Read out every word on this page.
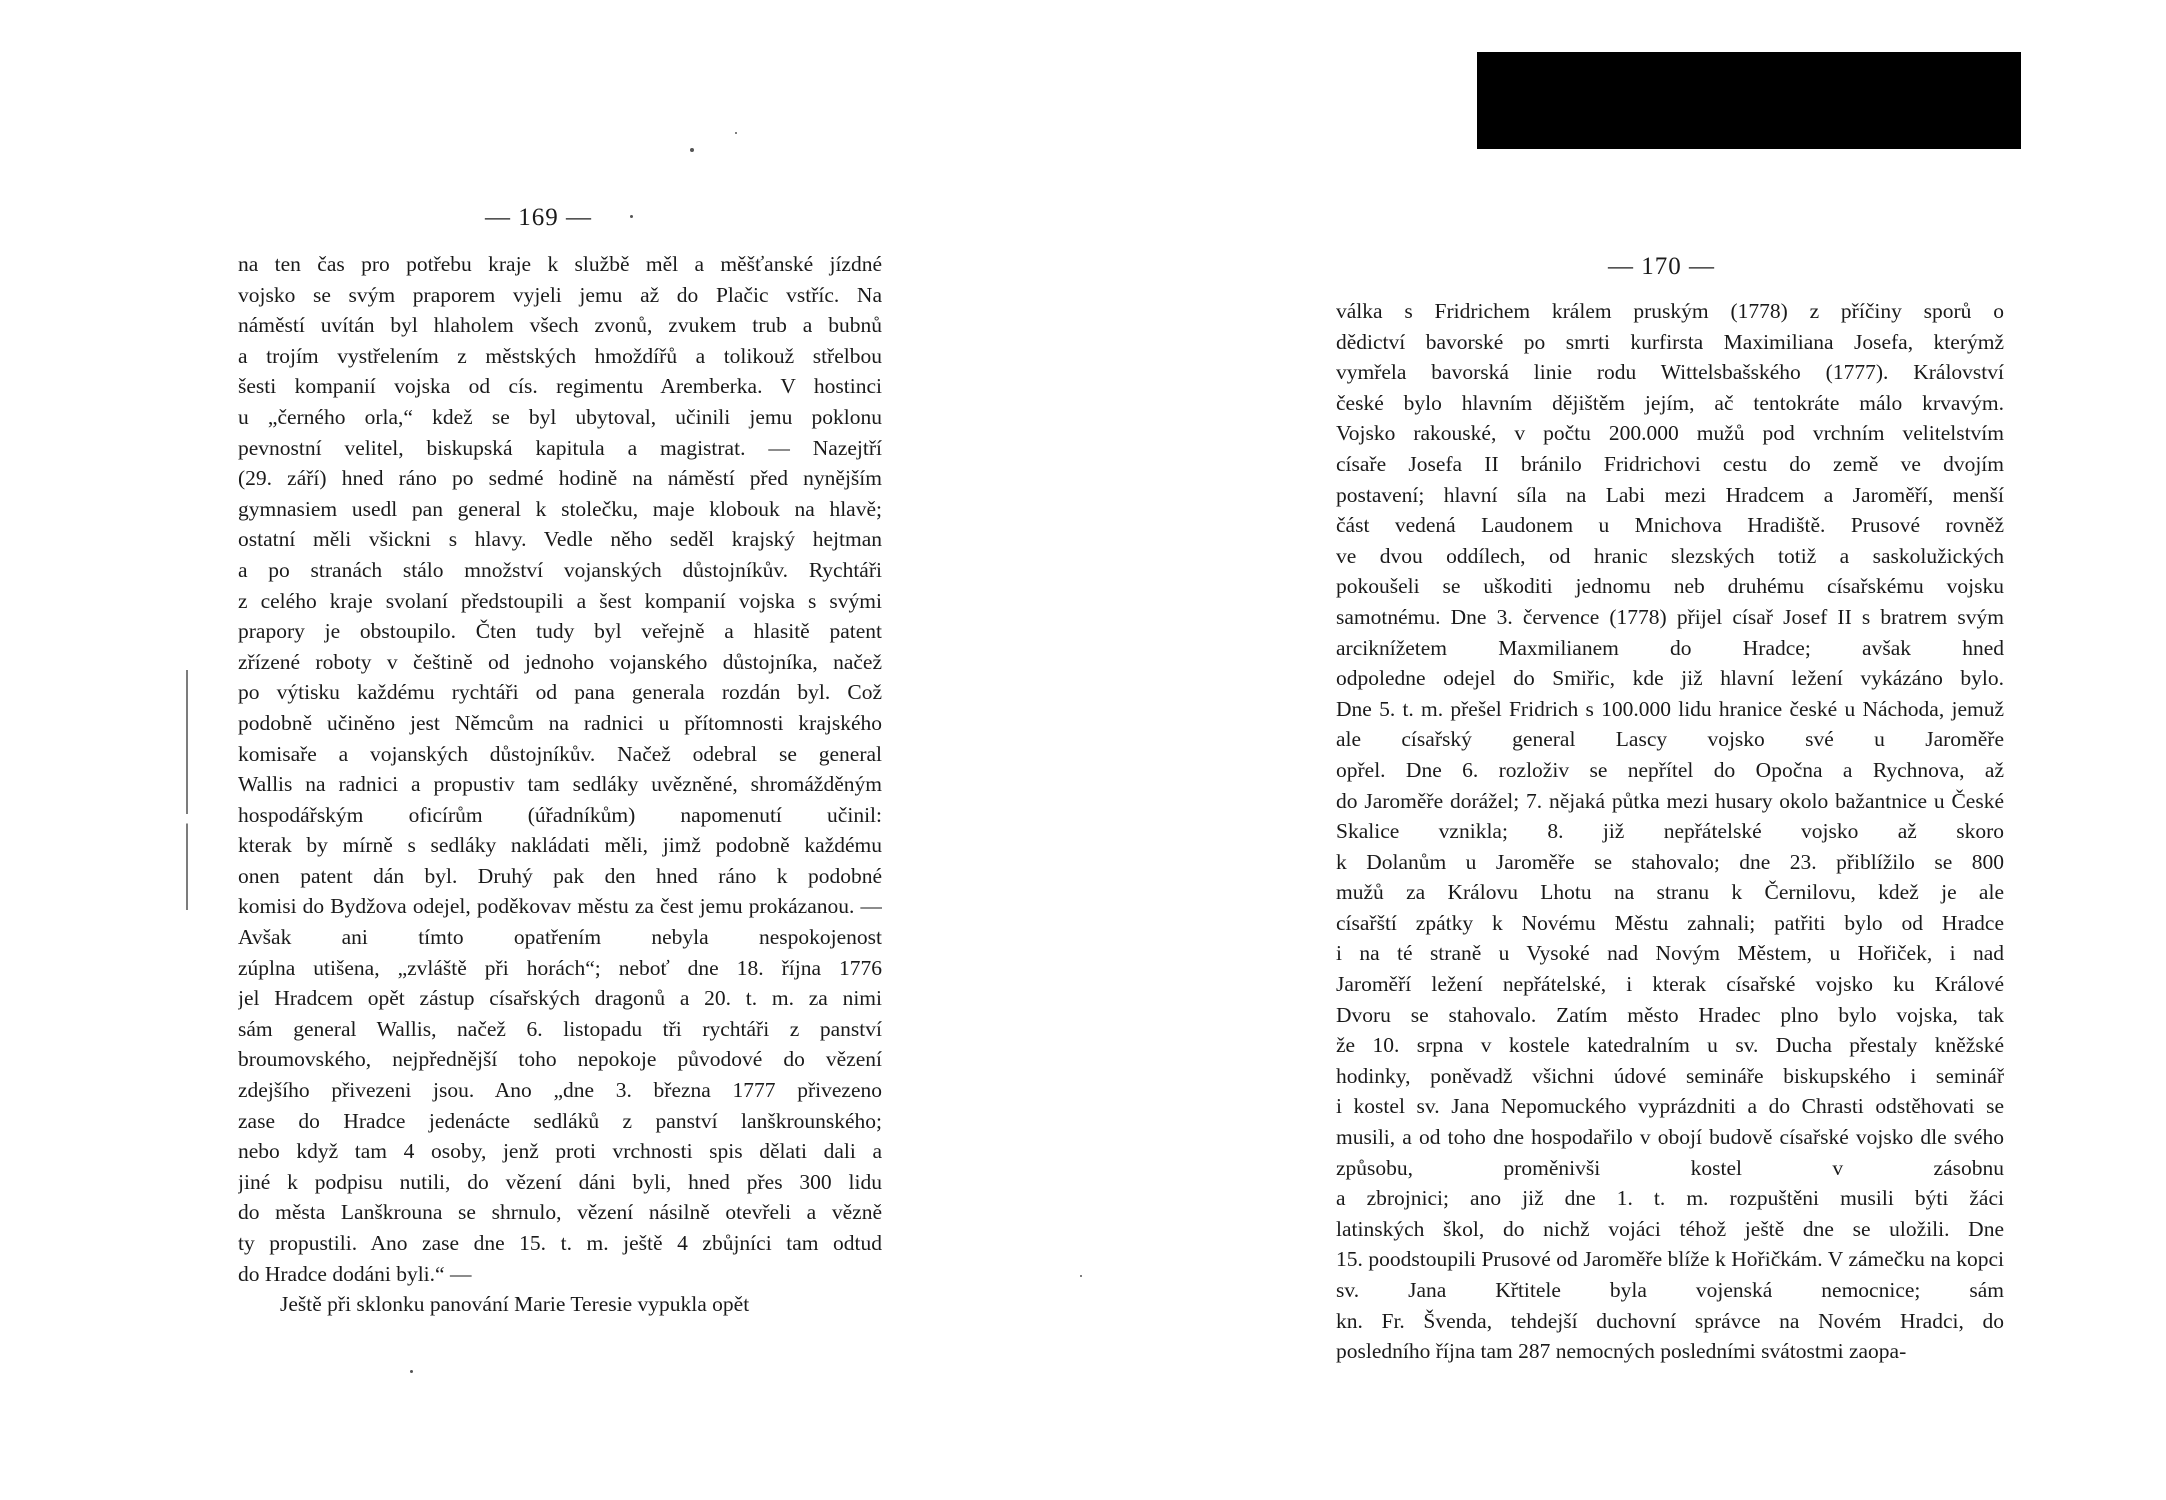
— 169 —
— 170 —
na ten čas pro potřebu kraje k službě měl a měšťanské jízdné
vojsko se svým praporem vyjeli jemu až do Plačic vstříc. Na
náměstí uvítán byl hlaholem všech zvonů, zvukem trub a bubnů
a trojím vystřelením z městských hmoždířů a tolikouž střelbou
šesti kompanií vojska od cís. regimentu Aremberka. V hostinci
u „černého orla,“ kdež se byl ubytoval, učinili jemu poklonu
pevnostní velitel, biskupská kapitula a magistrat. — Nazejtří
(29. září) hned ráno po sedmé hodině na náměstí před nynějším
gymnasiem usedl pan general k stolečku, maje klobouk na hlavě;
ostatní měli všickni s hlavy. Vedle něho seděl krajský hejtman
a po stranách stálo množství vojanských důstojníkův. Rychtáři
z celého kraje svolaní předstoupili a šest kompanií vojska s svými
prapory je obstoupilo. Čten tudy byl veřejně a hlasitě patent
zřízené roboty v češtině od jednoho vojanského důstojníka, načež
po výtisku každému rychtáři od pana generala rozdán byl. Což
podobně učiněno jest Němcům na radnici u přítomnosti krajského
komisaře a vojanských důstojníkův. Načež odebral se general
Wallis na radnici a propustiv tam sedláky uvězněné, shromážděným hospodářským oficírům (úřadníkům) napomenutí učinil:
kterak by mírně s sedláky nakládati měli, jimž podobně každému
onen patent dán byl. Druhý pak den hned ráno k podobné
komisi do Bydžova odejel, poděkovav městu za čest jemu prokázanou. — Avšak ani tímto opatřením nebyla nespokojenost
zúplna utišena, „zvláště při horách“; neboť dne 18. října 1776
jel Hradcem opět zástup císařských dragonů a 20. t. m. za nimi
sám general Wallis, načež 6. listopadu tři rychtáři z panství
broumovského, nejpřednější toho nepokoje původové do vězení
zdejšího přivezeni jsou. Ano „dne 3. března 1777 přivezeno
zase do Hradce jedenácte sedláků z panství lanškrounského;
nebo když tam 4 osoby, jenž proti vrchnosti spis dělati dali a
jiné k podpisu nutili, do vězení dáni byli, hned přes 300 lidu
do města Lanškrouna se shrnulo, vězení násilně otevřeli a vězně
ty propustili. Ano zase dne 15. t. m. ještě 4 zbůjníci tam odtud
do Hradce dodáni byli.“ —
Ještě při sklonku panování Marie Teresie vypukla opět
válka s Fridrichem králem pruským (1778) z příčiny sporů o
dědictví bavorské po smrti kurfirsta Maximiliana Josefa, kterýmž
vymřela bavorská linie rodu Wittelsbašského (1777). Království
české bylo hlavním dějištěm jejím, ač tentokráte málo krvavým.
Vojsko rakouské, v počtu 200.000 mužů pod vrchním velitelstvím
císaře Josefa II bránilo Fridrichovi cestu do země ve dvojím
postavení; hlavní síla na Labi mezi Hradcem a Jaroměří, menší
část vedená Laudonem u Mnichova Hradiště. Prusové rovněž
ve dvou oddílech, od hranic slezských totiž a saskolužických
pokoušeli se uškoditi jednomu neb druhému císařskému vojsku
samotnému. Dne 3. července (1778) přijel císař Josef II s bratrem svým arciknížetem Maxmilianem do Hradce; avšak hned
odpoledne odejel do Smiřic, kde již hlavní ležení vykázáno bylo.
Dne 5. t. m. přešel Fridrich s 100.000 lidu hranice české u Náchoda, jemuž ale císařský general Lascy vojsko své u Jaroměře
opřel. Dne 6. rozloživ se nepřítel do Opočna a Rychnova, až
do Jaroměře dorážel; 7. nějaká půtka mezi husary okolo bažantnice u České Skalice vznikla; 8. již nepřátelské vojsko až skoro
k Dolanům u Jaroměře se stahovalo; dne 23. přiblížilo se 800
mužů za Královu Lhotu na stranu k Černilovu, kdež je ale
císařští zpátky k Novému Městu zahnali; patřiti bylo od Hradce
i na té straně u Vysoké nad Novým Městem, u Hořiček, i nad
Jaroměří ležení nepřátelské, i kterak císařské vojsko ku Králové
Dvoru se stahovalo. Zatím město Hradec plno bylo vojska, tak
že 10. srpna v kostele katedralním u sv. Ducha přestaly kněžské
hodinky, poněvadž všichni údové semináře biskupského i seminář
i kostel sv. Jana Nepomuckého vyprázdniti a do Chrasti odstěhovati se musili, a od toho dne hospodařilo v obojí budově císařské vojsko dle svého způsobu, proměnivši kostel v zásobnu
a zbrojnici; ano již dne 1. t. m. rozpuštěni musili býti žáci
latinských škol, do nichž vojáci téhož ještě dne se uložili. Dne
15. poodstoupili Prusové od Jaroměře blíže k Hořičkám. V zámečku na kopci sv. Jana Křtitele byla vojenská nemocnice; sám
kn. Fr. Švenda, tehdejší duchovní správce na Novém Hradci, do
posledního října tam 287 nemocných posledními svátostmi zaopa-
